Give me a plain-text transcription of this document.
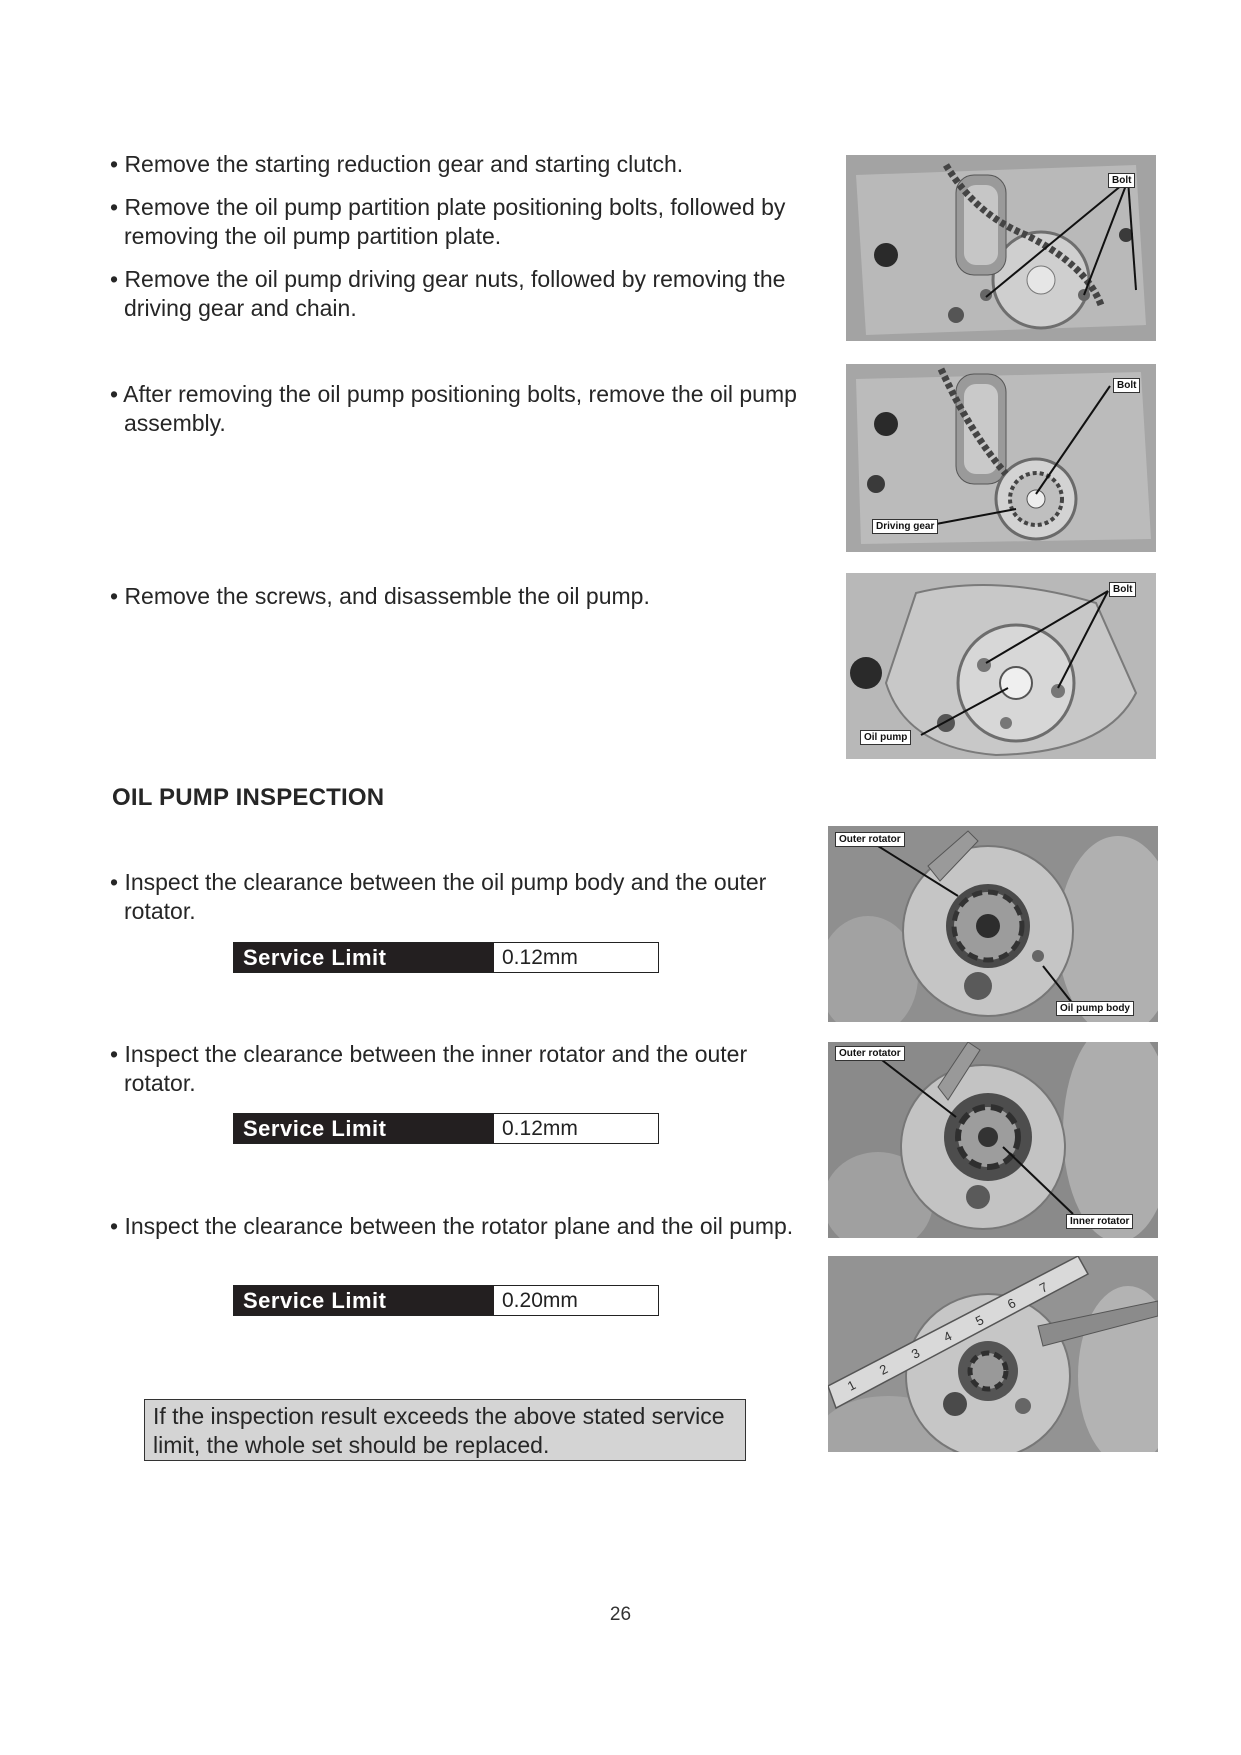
• Remove the starting reduction gear and starting clutch.
• Remove the oil pump partition plate positioning bolts, followed by removing the oil pump partition plate.
• Remove the oil pump driving gear nuts, followed by removing the driving gear and chain.
• After removing the oil pump positioning bolts, remove the oil pump assembly.
• Remove the screws, and disassemble the oil pump.
OIL PUMP INSPECTION
• Inspect the clearance between the oil pump body and the outer rotator.
Service Limit	0.12mm
• Inspect the clearance between the inner rotator and the outer rotator.
Service Limit	0.12mm
• Inspect the clearance between the rotator plane and the oil pump.
Service Limit	0.20mm
If the inspection result exceeds the above stated service limit, the whole set should be replaced.
Bolt
Bolt
Driving gear
Bolt
Oil pump
Outer rotator
Oil pump body
Outer rotator
Inner rotator
1
2
3
4
5
6
7
26
